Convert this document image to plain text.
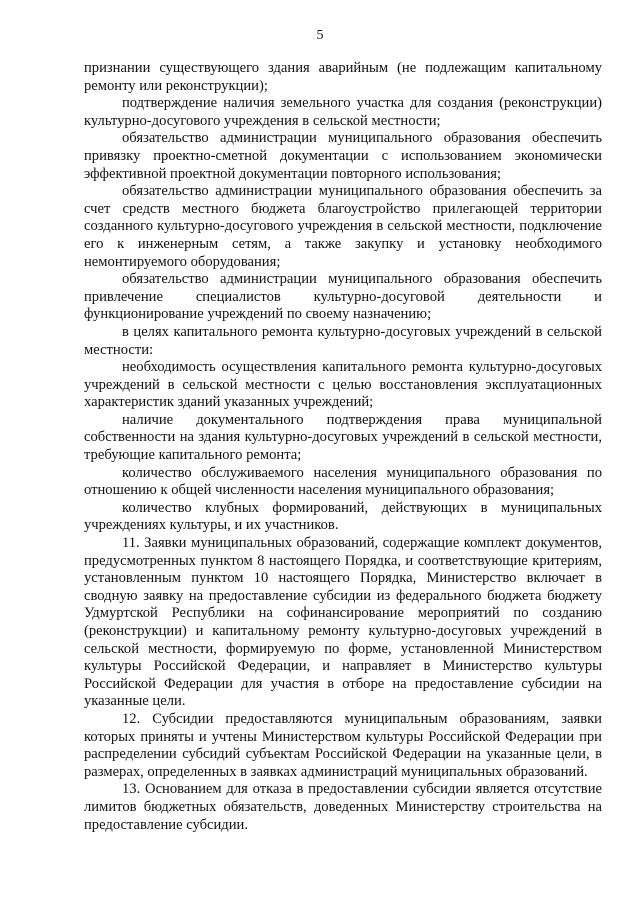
5

признании существующего здания аварийным (не подлежащим капитальному ремонту или реконструкции);

подтверждение наличия земельного участка для создания (реконструкции) культурно-досугового учреждения в сельской местности;

обязательство администрации муниципального образования обеспечить привязку проектно-сметной документации с использованием экономически эффективной проектной документации повторного использования;

обязательство администрации муниципального образования обеспечить за счет средств местного бюджета благоустройство прилегающей территории созданного культурно-досугового учреждения в сельской местности, подключение его к инженерным сетям, а также закупку и установку необходимого немонтируемого оборудования;

обязательство администрации муниципального образования обеспечить привлечение специалистов культурно-досуговой деятельности и функционирование учреждений по своему назначению;

в целях капитального ремонта культурно-досуговых учреждений в сельской местности:

необходимость осуществления капитального ремонта культурно-досуговых учреждений в сельской местности с целью восстановления эксплуатационных характеристик зданий указанных учреждений;

наличие документального подтверждения права муниципальной собственности на здания культурно-досуговых учреждений в сельской местности, требующие капитального ремонта;

количество обслуживаемого населения муниципального образования по отношению к общей численности населения муниципального образования;

количество клубных формирований, действующих в муниципальных учреждениях культуры, и их участников.

11. Заявки муниципальных образований, содержащие комплект документов, предусмотренных пунктом 8 настоящего Порядка, и соответствующие критериям, установленным пунктом 10 настоящего Порядка, Министерство включает в сводную заявку на предоставление субсидии из федерального бюджета бюджету Удмуртской Республики на софинансирование мероприятий по созданию (реконструкции) и капитальному ремонту культурно-досуговых учреждений в сельской местности, формируемую по форме, установленной Министерством культуры Российской Федерации, и направляет в Министерство культуры Российской Федерации для участия в отборе на предоставление субсидии на указанные цели.

12. Субсидии предоставляются муниципальным образованиям, заявки которых приняты и учтены Министерством культуры Российской Федерации при распределении субсидий субъектам Российской Федерации на указанные цели, в размерах, определенных в заявках администраций муниципальных образований.

13. Основанием для отказа в предоставлении субсидии является отсутствие лимитов бюджетных обязательств, доведенных Министерству строительства на предоставление субсидии.
